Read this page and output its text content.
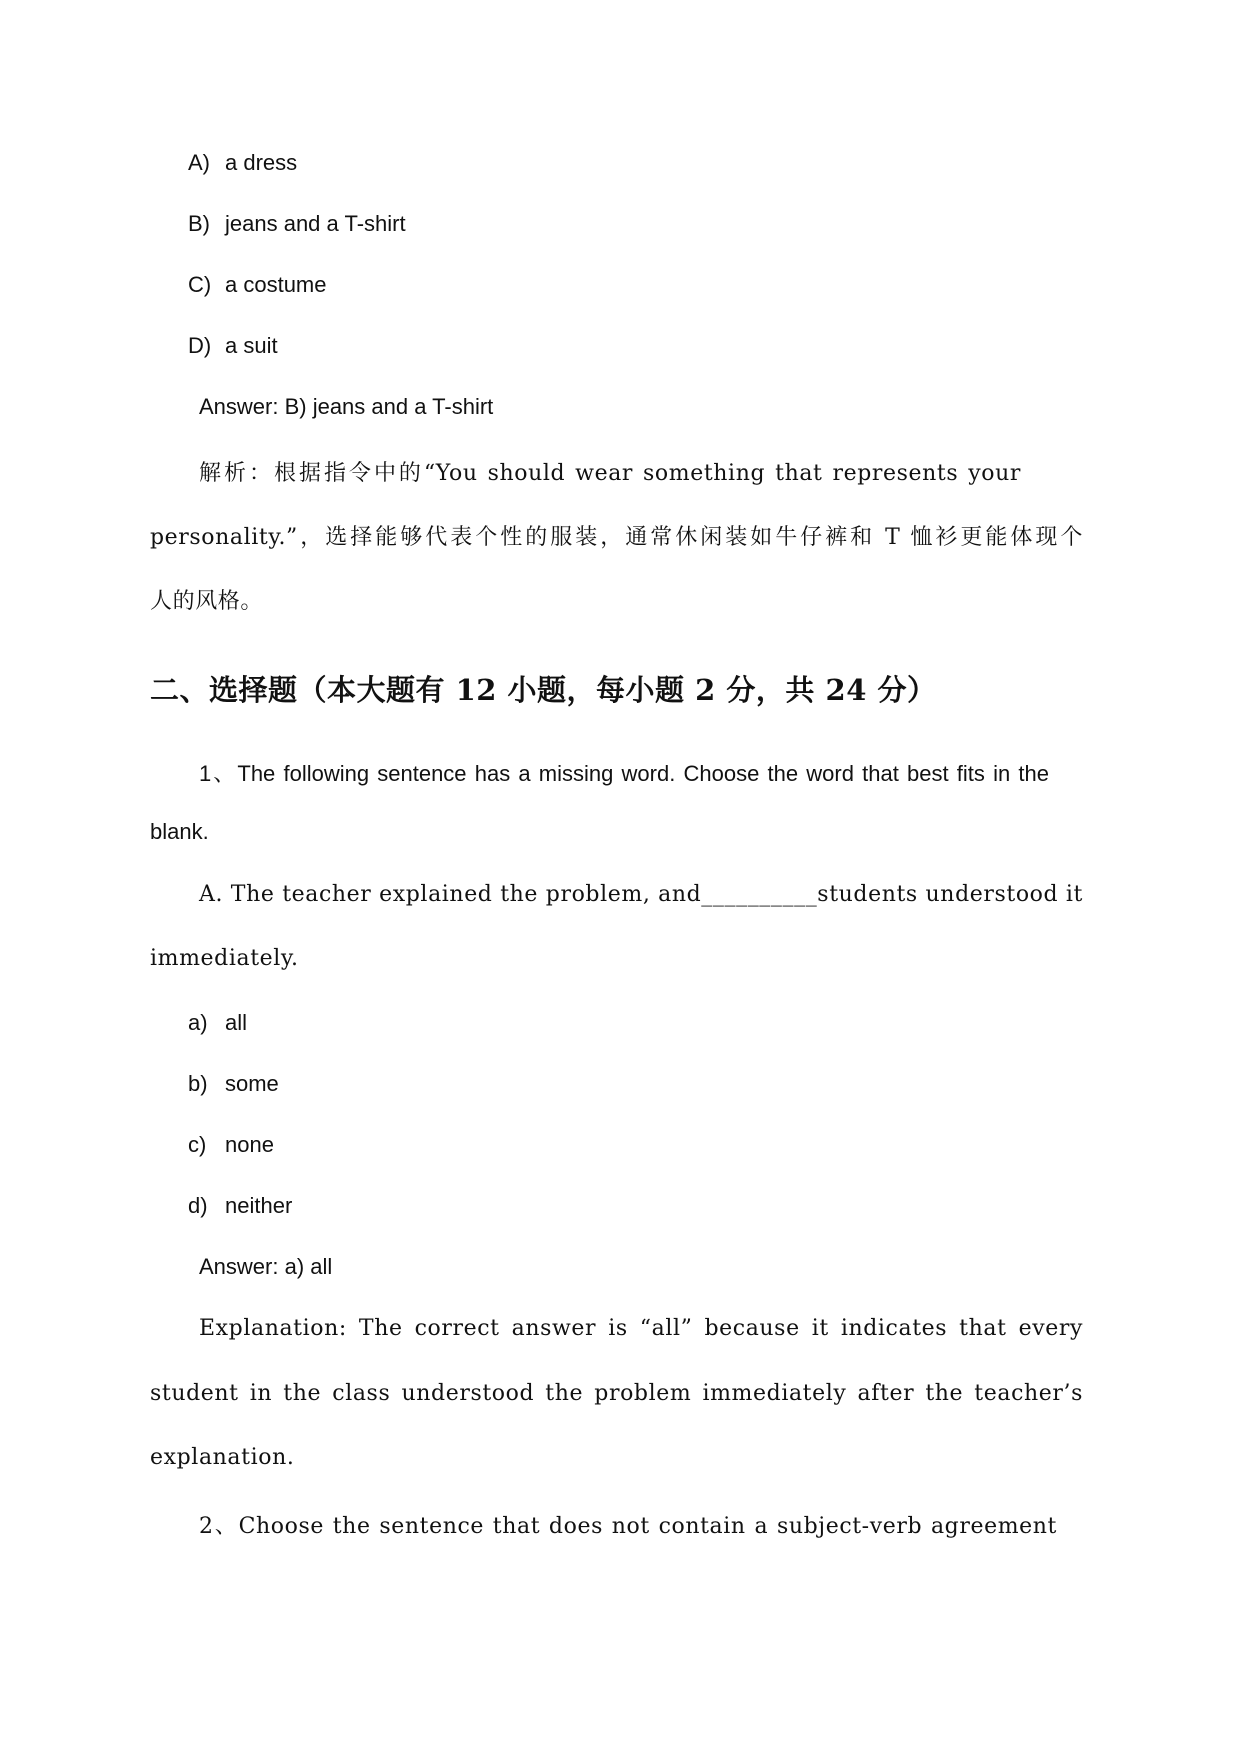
A) a dress
B) jeans and a T-shirt
C) a costume
D) a suit
Answer: B) jeans and a T-shirt
解析：根据指令中的“You should wear something that represents your
personality.”，选择能够代表个性的服装，通常休闲装如牛仔裤和 T 恤衫更能体现个
人的风格。
二、选择题（本大题有 12 小题，每小题 2 分，共 24 分）
1、The following sentence has a missing word. Choose the word that best fits in the
blank.
A. The teacher explained the problem, and__________students understood it
immediately.
a) all
b) some
c) none
d) neither
Answer: a) all
Explanation: The correct answer is “all” because it indicates that every
student in the class understood the problem immediately after the teacher’s
explanation.
2、Choose the sentence that does not contain a subject-verb agreement
